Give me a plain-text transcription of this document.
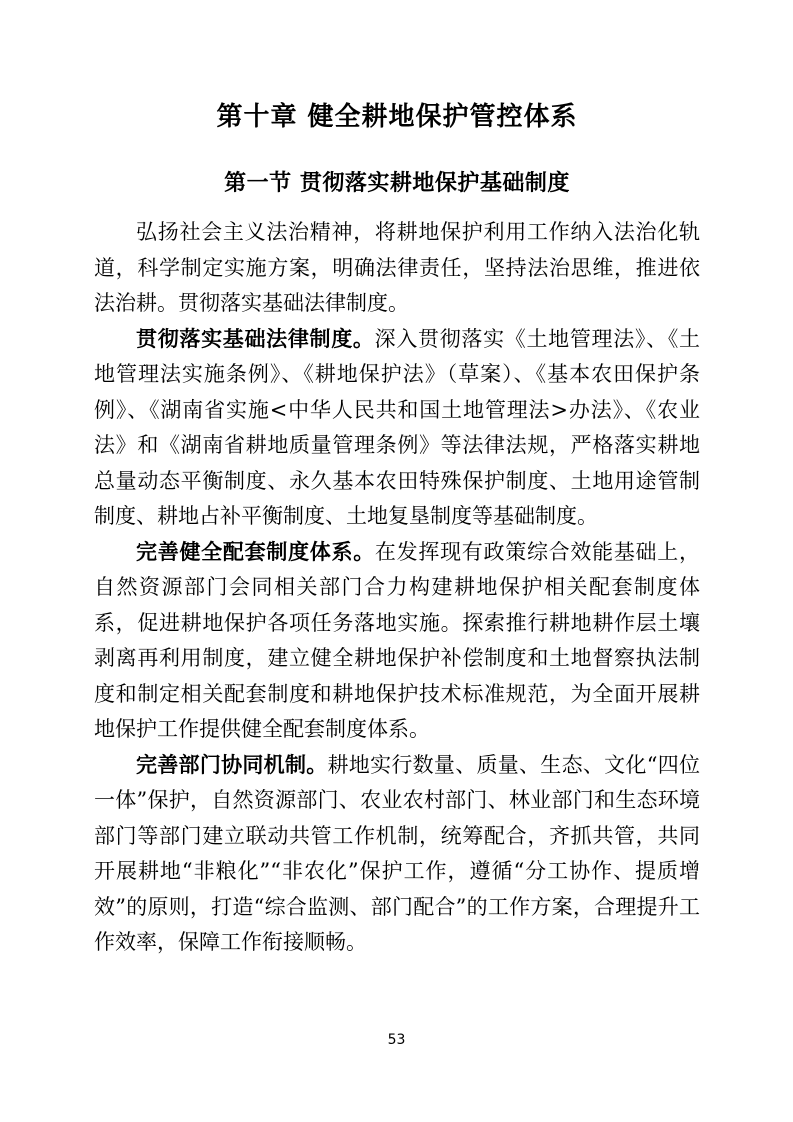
第十章 健全耕地保护管控体系
第一节 贯彻落实耕地保护基础制度

弘扬社会主义法治精神，将耕地保护利用工作纳入法治化轨道，科学制定实施方案，明确法律责任，坚持法治思维，推进依法治耕。贯彻落实基础法律制度。

贯彻落实基础法律制度。深入贯彻落实《土地管理法》、《土地管理法实施条例》、《耕地保护法》（草案）、《基本农田保护条例》、《湖南省实施<中华人民共和国土地管理法>办法》、《农业法》和《湖南省耕地质量管理条例》等法律法规，严格落实耕地总量动态平衡制度、永久基本农田特殊保护制度、土地用途管制制度、耕地占补平衡制度、土地复垦制度等基础制度。

完善健全配套制度体系。在发挥现有政策综合效能基础上，自然资源部门会同相关部门合力构建耕地保护相关配套制度体系，促进耕地保护各项任务落地实施。探索推行耕地耕作层土壤剥离再利用制度，建立健全耕地保护补偿制度和土地督察执法制度和制定相关配套制度和耕地保护技术标准规范，为全面开展耕地保护工作提供健全配套制度体系。

完善部门协同机制。耕地实行数量、质量、生态、文化“四位一体”保护，自然资源部门、农业农村部门、林业部门和生态环境部门等部门建立联动共管工作机制，统筹配合，齐抓共管，共同开展耕地“非粮化”“非农化”保护工作，遵循“分工协作、提质增效”的原则，打造“综合监测、部门配合”的工作方案，合理提升工作效率，保障工作衔接顺畅。

53
